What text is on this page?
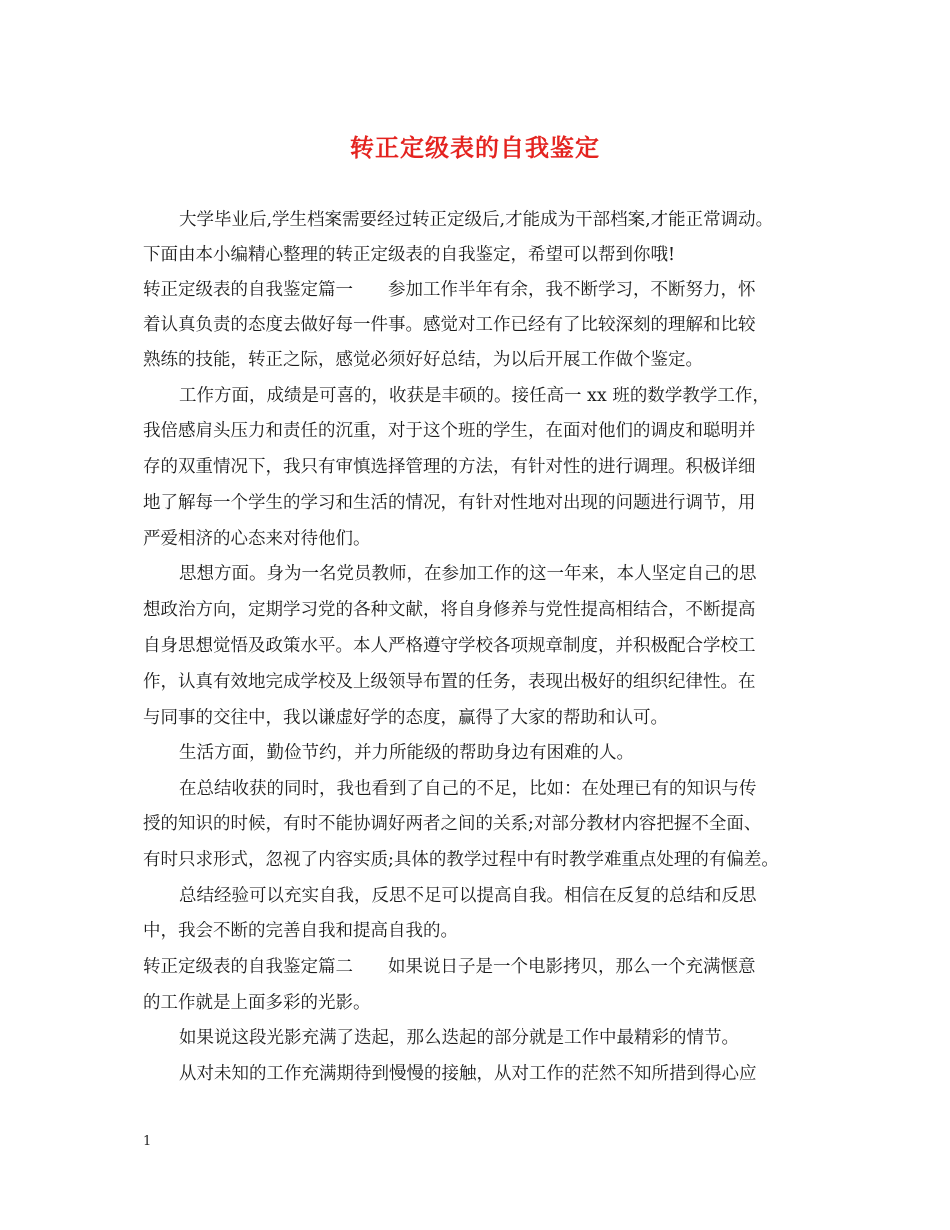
转正定级表的自我鉴定
大学毕业后,学生档案需要经过转正定级后,才能成为干部档案,才能正常调动。
下面由本小编精心整理的转正定级表的自我鉴定，希望可以帮到你哦!
转正定级表的自我鉴定篇一　　参加工作半年有余，我不断学习，不断努力，怀
着认真负责的态度去做好每一件事。感觉对工作已经有了比较深刻的理解和比较
熟练的技能，转正之际，感觉必须好好总结，为以后开展工作做个鉴定。
工作方面，成绩是可喜的，收获是丰硕的。接任高一 xx 班的数学教学工作，
我倍感肩头压力和责任的沉重，对于这个班的学生，在面对他们的调皮和聪明并
存的双重情况下，我只有审慎选择管理的方法，有针对性的进行调理。积极详细
地了解每一个学生的学习和生活的情况，有针对性地对出现的问题进行调节，用
严爱相济的心态来对待他们。
思想方面。身为一名党员教师，在参加工作的这一年来，本人坚定自己的思
想政治方向，定期学习党的各种文献，将自身修养与党性提高相结合，不断提高
自身思想觉悟及政策水平。本人严格遵守学校各项规章制度，并积极配合学校工
作，认真有效地完成学校及上级领导布置的任务，表现出极好的组织纪律性。在
与同事的交往中，我以谦虚好学的态度，赢得了大家的帮助和认可。
生活方面，勤俭节约，并力所能级的帮助身边有困难的人。
在总结收获的同时，我也看到了自己的不足，比如：在处理已有的知识与传
授的知识的时候，有时不能协调好两者之间的关系;对部分教材内容把握不全面、
有时只求形式，忽视了内容实质;具体的教学过程中有时教学难重点处理的有偏差。
总结经验可以充实自我，反思不足可以提高自我。相信在反复的总结和反思
中，我会不断的完善自我和提高自我的。
转正定级表的自我鉴定篇二　　如果说日子是一个电影拷贝，那么一个充满惬意
的工作就是上面多彩的光影。
如果说这段光影充满了迭起，那么迭起的部分就是工作中最精彩的情节。
从对未知的工作充满期待到慢慢的接触，从对工作的茫然不知所措到得心应
1
